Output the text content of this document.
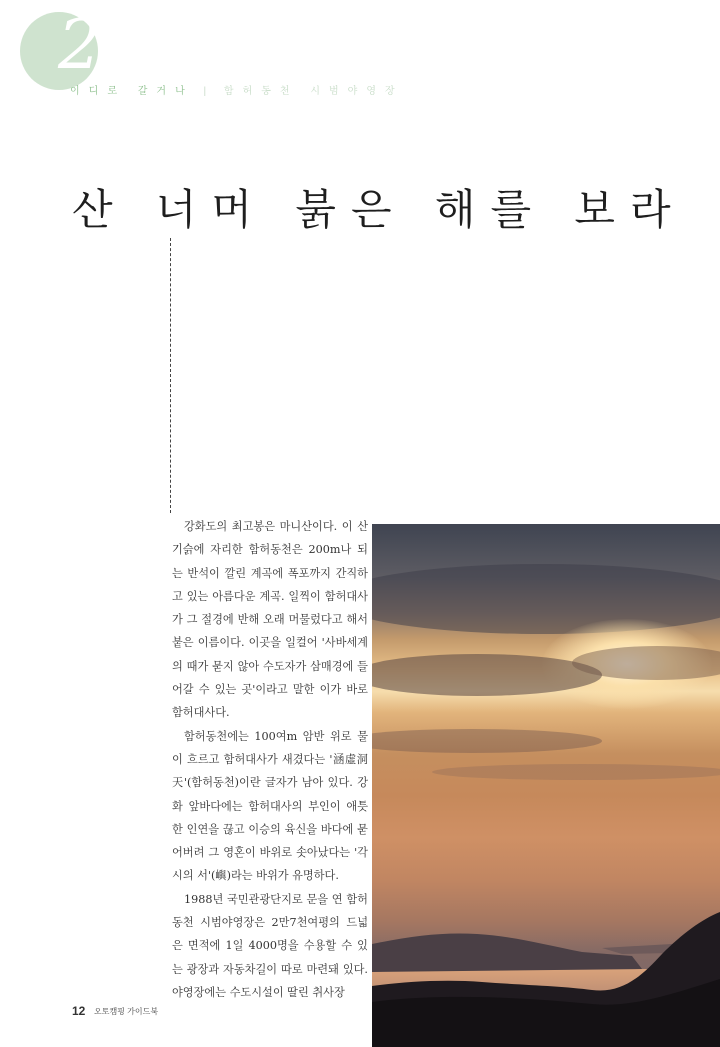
2
이디로 갈거나 | 함허동천 시범야영장
산 너머 붉은 해를 보라

강화도의 최고봉은 마니산이다. 이 산 기슭에 자리한 함허동천은 200m나 되는 반석이 깔린 계곡에 폭포까지 간직하고 있는 아름다운 계곡. 일찍이 함허대사가 그 절경에 반해 오래 머물렀다고 해서 붙은 이름이다. 이곳을 일컬어 '사바세계의 때가 묻지 않아 수도자가 삼매경에 들어갈 수 있는 곳'이라고 말한 이가 바로 함허대사다.

함허동천에는 100여m 암반 위로 물이 흐르고 함허대사가 새겼다는 '涵虛洞天'(함허동천)이란 글자가 남아 있다. 강화 앞바다에는 함허대사의 부인이 애틋한 인연을 끊고 이승의 육신을 바다에 묻어버려 그 영혼이 바위로 솟아났다는 '각시의 서'(嶼)라는 바위가 유명하다.

1988년 국민관광단지로 문을 연 함허동천 시범야영장은 2만7천여평의 드넓은 면적에 1일 4000명을 수용할 수 있는 광장과 자동차길이 따로 마련돼 있다. 야영장에는 수도시설이 딸린 취사장

12 오토캠핑 가이드북
